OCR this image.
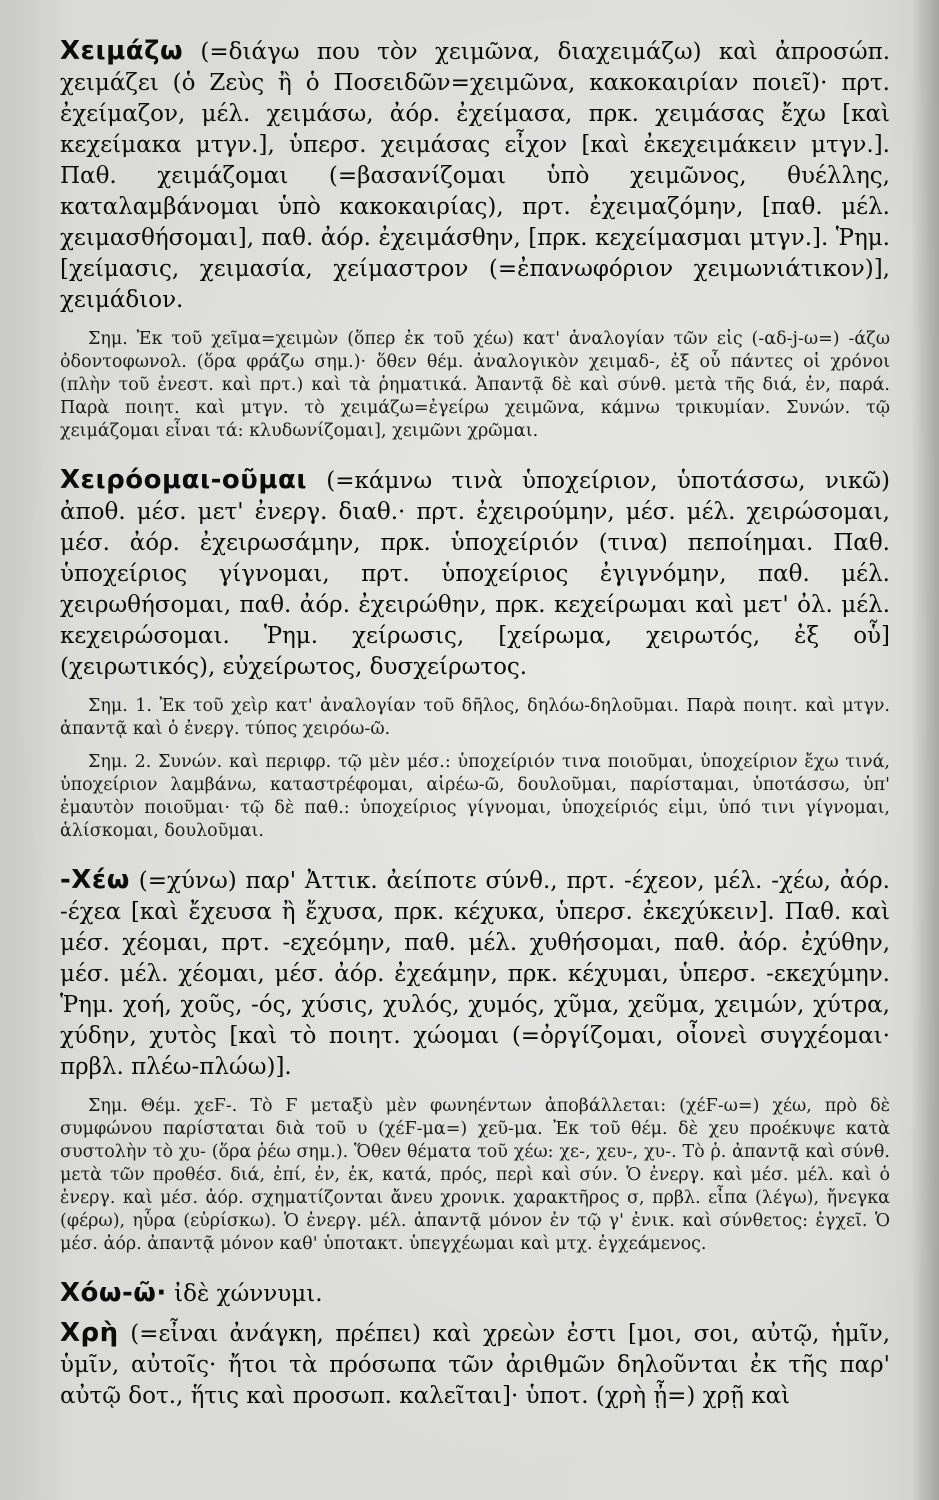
Χειμάζω (=διάγω που τὸν χειμῶνα, διαχειμάζω) καὶ ἀπροσώπ. χειμάζει (ὁ Ζεὺς ἢ ὁ Ποσειδῶν=χειμῶνα, κακοκαιρίαν ποιεῖ)· πρτ. ἐχείμαζον, μέλ. χειμάσω, ἀόρ. ἐχείμασα, πρκ. χειμάσας ἔχω [καὶ κεχείμακα μτγν.], ὑπερσ. χειμάσας εἶχον [καὶ ἐκεχειμάκειν μτγν.]. Παθ. χειμάζομαι (=βασανίζομαι ὑπὸ χειμῶνος, θυέλλης, καταλαμβάνομαι ὑπὸ κακοκαιρίας), πρτ. ἐχειμαζόμην, [παθ. μέλ. χειμασθήσομαι], παθ. ἀόρ. ἐχειμάσθην, [πρκ. κεχείμασμαι μτγν.]. Ῥημ. [χείμασις, χειμασία, χείμαστρον (=ἐπανωφόριον χειμωνιάτικον)], χειμάδιον.

Σημ. Ἐκ τοῦ χεῖμα=χειμὼν (ὅπερ ἐκ τοῦ χέω) κατ' ἀναλογίαν τῶν εἰς (-αδ-j-ω=) -άζω ὀδοντοφωνολ. (ὅρα φράζω σημ.)· ὅθεν θέμ. ἀναλογικὸν χειμαδ-, ἐξ οὗ πάντες οἱ χρόνοι (πλὴν τοῦ ἐνεστ. καὶ πρτ.) καὶ τὰ ῥηματικά. Ἀπαντᾷ δὲ καὶ σύνθ. μετὰ τῆς διά, ἐν, παρά. Παρὰ ποιητ. καὶ μτγν. τὸ χειμάζω=ἐγείρω χειμῶνα, κάμνω τρικυμίαν. Συνών. τῷ χειμάζομαι εἶναι τά: κλυδωνίζομαι], χειμῶνι χρῶμαι.

Χειρόομαι-οῦμαι (=κάμνω τινὰ ὑποχείριον, ὑποτάσσω, νικῶ) ἀποθ. μέσ. μετ' ἐνεργ. διαθ.· πρτ. ἐχειρούμην, μέσ. μέλ. χειρώσομαι, μέσ. ἀόρ. ἐχειρωσάμην, πρκ. ὑποχείριόν (τινα) πεποίημαι. Παθ. ὑποχείριος γίγνομαι, πρτ. ὑποχείριος ἐγιγνόμην, παθ. μέλ. χειρωθήσομαι, παθ. ἀόρ. ἐχειρώθην, πρκ. κεχείρωμαι καὶ μετ' ὀλ. μέλ. κεχειρώσομαι. Ῥημ. χείρωσις, [χείρωμα, χειρωτός, ἐξ οὗ] (χειρωτικός), εὐχείρωτος, δυσχείρωτος.

Σημ. 1. Ἐκ τοῦ χεὶρ κατ' ἀναλογίαν τοῦ δῆλος, δηλόω-δηλοῦμαι. Παρὰ ποιητ. καὶ μτγν. ἀπαντᾷ καὶ ὁ ἐνεργ. τύπος χειρόω-ῶ.

Σημ. 2. Συνών. καὶ περιφρ. τῷ μὲν μέσ.: ὑποχείριόν τινα ποιοῦμαι, ὑποχείριον ἔχω τινά, ὑποχείριον λαμβάνω, καταστρέφομαι, αἱρέω-ῶ, δουλοῦμαι, παρίσταμαι, ὑποτάσσω, ὑπ' ἐμαυτὸν ποιοῦμαι· τῷ δὲ παθ.: ὑποχείριος γίγνομαι, ὑποχείριός εἰμι, ὑπό τινι γίγνομαι, ἁλίσκομαι, δουλοῦμαι.

-Χέω (=χύνω) παρ' Ἀττικ. ἀείποτε σύνθ., πρτ. -έχεον, μέλ. -χέω, ἀόρ. -έχεα [καὶ ἔχευσα ἢ ἔχυσα, πρκ. κέχυκα, ὑπερσ. ἐκεχύκειν]. Παθ. καὶ μέσ. χέομαι, πρτ. -εχεόμην, παθ. μέλ. χυθήσομαι, παθ. ἀόρ. ἐχύθην, μέσ. μέλ. χέομαι, μέσ. ἀόρ. ἐχεάμην, πρκ. κέχυμαι, ὑπερσ. -εκεχύμην. Ῥημ. χοή, χοῦς, -ός, χύσις, χυλός, χυμός, χῦμα, χεῦμα, χειμών, χύτρα, χύδην, χυτὸς [καὶ τὸ ποιητ. χώομαι (=ὀργίζομαι, οἶονεὶ συγχέομαι· πρβλ. πλέω-πλώω)].

Σημ. Θέμ. χεϜ-. Τὸ Ϝ μεταξὺ μὲν φωνηέντων ἀποβάλλεται: (χέϜ-ω=) χέω, πρὸ δὲ συμφώνου παρίσταται διὰ τοῦ υ (χέϜ-μα=) χεῦ-μα. Ἐκ τοῦ θέμ. δὲ χευ προέκυψε κατὰ συστολὴν τὸ χυ- (ὅρα ῥέω σημ.). Ὅθεν θέματα τοῦ χέω: χε-, χευ-, χυ-. Τὸ ῥ. ἀπαντᾷ καὶ σύνθ. μετὰ τῶν προθέσ. διά, ἐπί, ἐν, ἐκ, κατά, πρός, περὶ καὶ σύν. Ὁ ἐνεργ. καὶ μέσ. μέλ. καὶ ὁ ἐνεργ. καὶ μέσ. ἀόρ. σχηματίζονται ἄνευ χρονικ. χαρακτῆρος σ, πρβλ. εἶπα (λέγω), ἤνεγκα (φέρω), ηὗρα (εὑρίσκω). Ὁ ἐνεργ. μέλ. ἀπαντᾷ μόνον ἐν τῷ γ' ἐνικ. καὶ σύνθετος: ἐγχεῖ. Ὁ μέσ. ἀόρ. ἀπαντᾷ μόνον καθ' ὑποτακτ. ὑπεγχέωμαι καὶ μτχ. ἐγχεάμενος.

Χόω-ῶ· ἰδὲ χώννυμι.

Χρὴ (=εἶναι ἀνάγκη, πρέπει) καὶ χρεὼν ἐστι [μοι, σοι, αὐτῷ, ἡμῖν, ὑμῖν, αὐτοῖς· ἤτοι τὰ πρόσωπα τῶν ἀριθμῶν δηλοῦνται ἐκ τῆς παρ' αὐτῷ δοτ., ἥτις καὶ προσωπ. καλεῖται]· ὑποτ. (χρὴ ᾖ=) χρῇ καὶ
